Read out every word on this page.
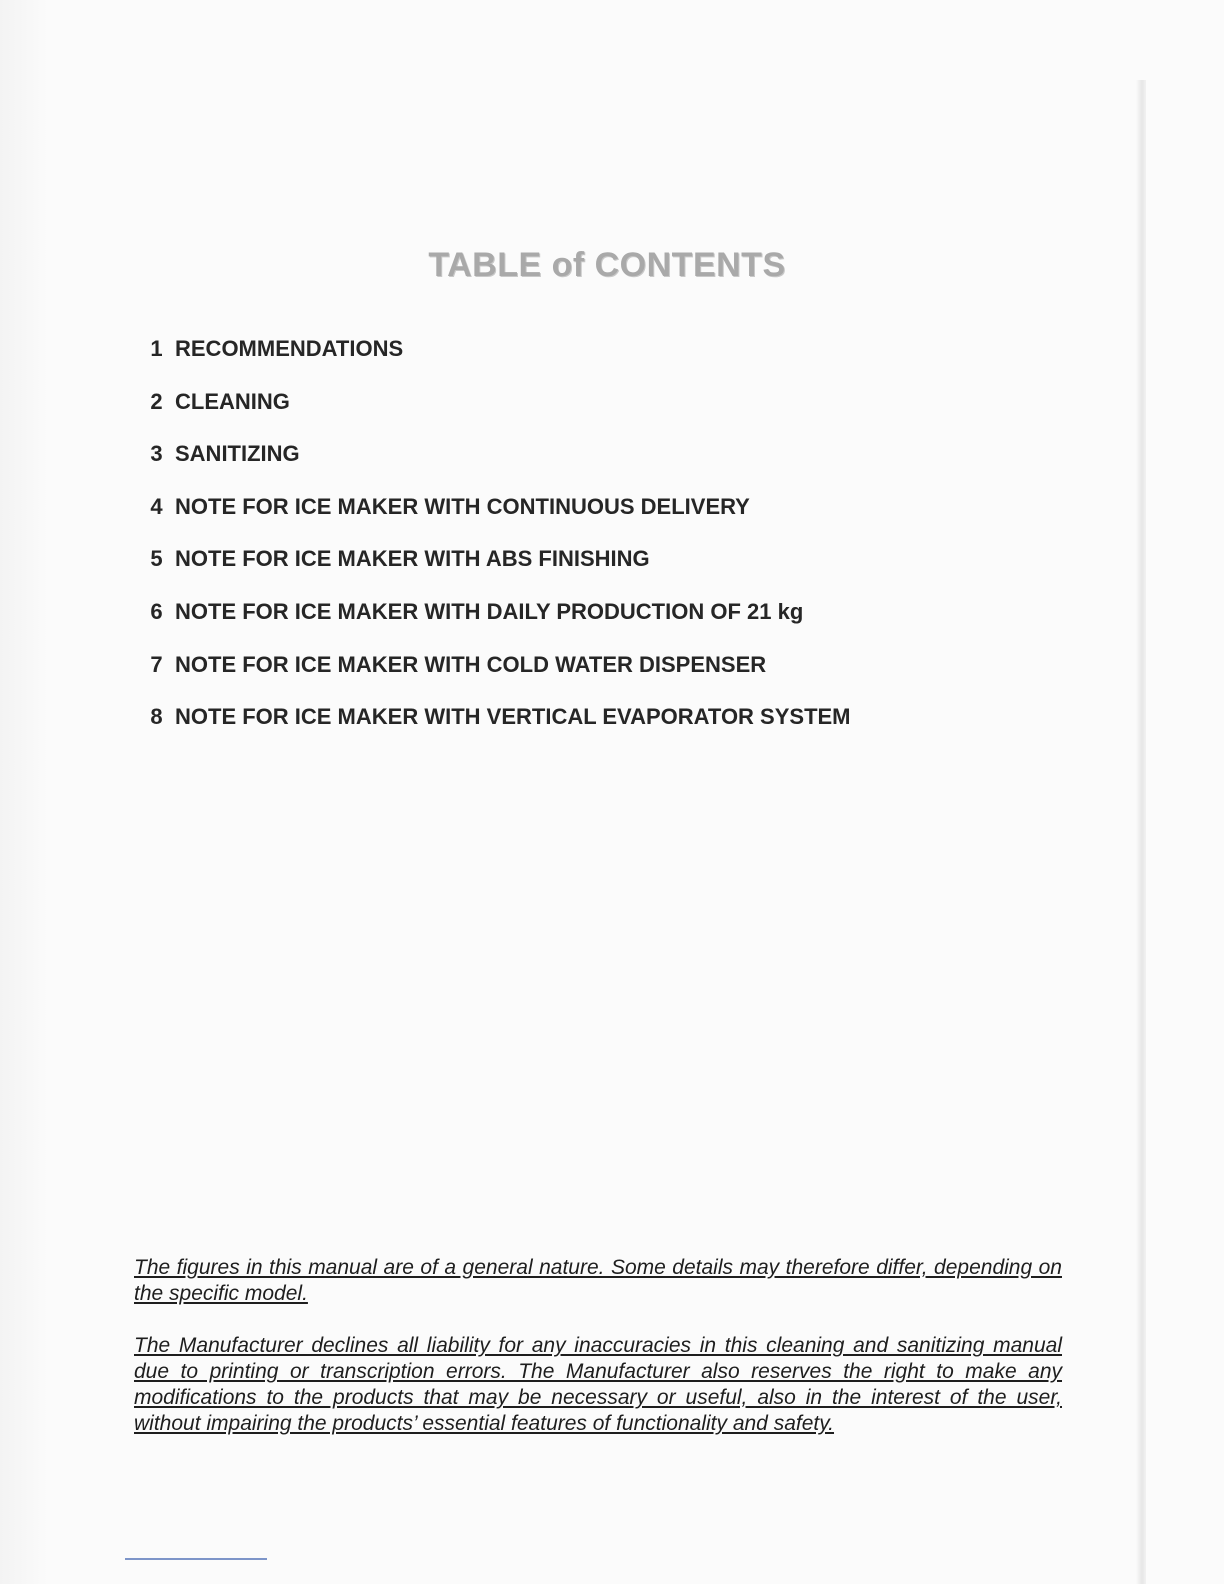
TABLE of CONTENTS
1 RECOMMENDATIONS
2 CLEANING
3 SANITIZING
4 NOTE FOR ICE MAKER WITH CONTINUOUS DELIVERY
5 NOTE FOR ICE MAKER WITH ABS FINISHING
6 NOTE FOR ICE MAKER WITH DAILY PRODUCTION OF 21 kg
7 NOTE FOR ICE MAKER WITH COLD WATER DISPENSER
8 NOTE FOR ICE MAKER WITH VERTICAL EVAPORATOR SYSTEM

The figures in this manual are of a general nature. Some details may therefore differ, depending on the specific model.

The Manufacturer declines all liability for any inaccuracies in this cleaning and sanitizing manual due to printing or transcription errors. The Manufacturer also reserves the right to make any modifications to the products that may be necessary or useful, also in the interest of the user, without impairing the products’ essential features of functionality and safety.
